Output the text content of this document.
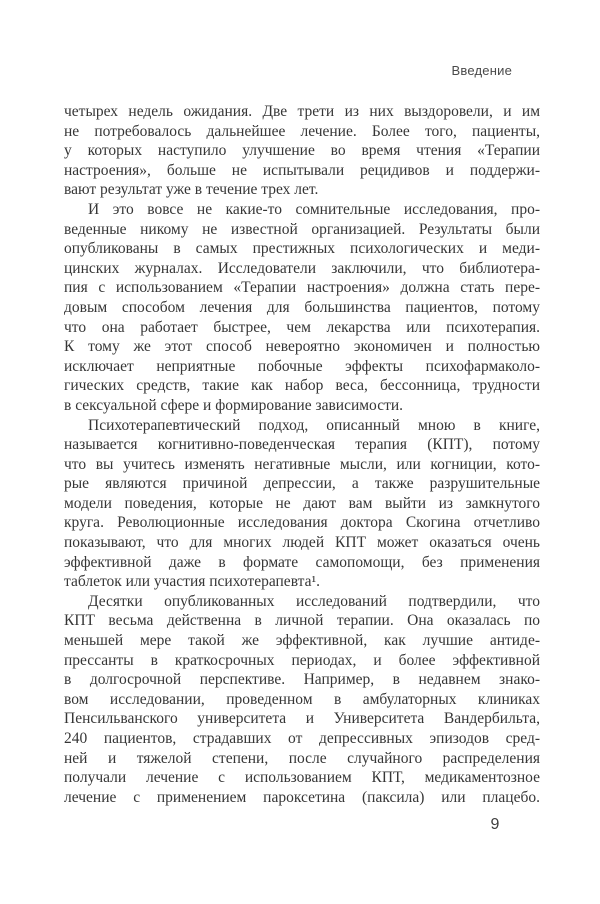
Введение
четырех недель ожидания. Две трети из них выздоровели, и им
не потребовалось дальнейшее лечение. Более того, пациенты,
у которых наступило улучшение во время чтения «Терапии
настроения», больше не испытывали рецидивов и поддержи-
вают результат уже в течение трех лет.
И это вовсе не какие-то сомнительные исследования, про-
веденные никому не известной организацией. Результаты были
опубликованы в самых престижных психологических и меди-
цинских журналах. Исследователи заключили, что библиотера-
пия с использованием «Терапии настроения» должна стать пере-
довым способом лечения для большинства пациентов, потому
что она работает быстрее, чем лекарства или психотерапия.
К тому же этот способ невероятно экономичен и полностью
исключает неприятные побочные эффекты психофармаколо-
гических средств, такие как набор веса, бессонница, трудности
в сексуальной сфере и формирование зависимости.
Психотерапевтический подход, описанный мною в книге,
называется когнитивно-поведенческая терапия (КПТ), потому
что вы учитесь изменять негативные мысли, или когниции, кото-
рые являются причиной депрессии, а также разрушительные
модели поведения, которые не дают вам выйти из замкнутого
круга. Революционные исследования доктора Скогина отчетливо
показывают, что для многих людей КПТ может оказаться очень
эффективной даже в формате самопомощи, без применения
таблеток или участия психотерапевта¹.
Десятки опубликованных исследований подтвердили, что
КПТ весьма действенна в личной терапии. Она оказалась по
меньшей мере такой же эффективной, как лучшие антиде-
прессанты в краткосрочных периодах, и более эффективной
в долгосрочной перспективе. Например, в недавнем знако-
вом исследовании, проведенном в амбулаторных клиниках
Пенсильванского университета и Университета Вандербильта,
240 пациентов, страдавших от депрессивных эпизодов сред-
ней и тяжелой степени, после случайного распределения
получали лечение с использованием КПТ, медикаментозное
лечение с применением пароксетина (паксила) или плацебо.
9
